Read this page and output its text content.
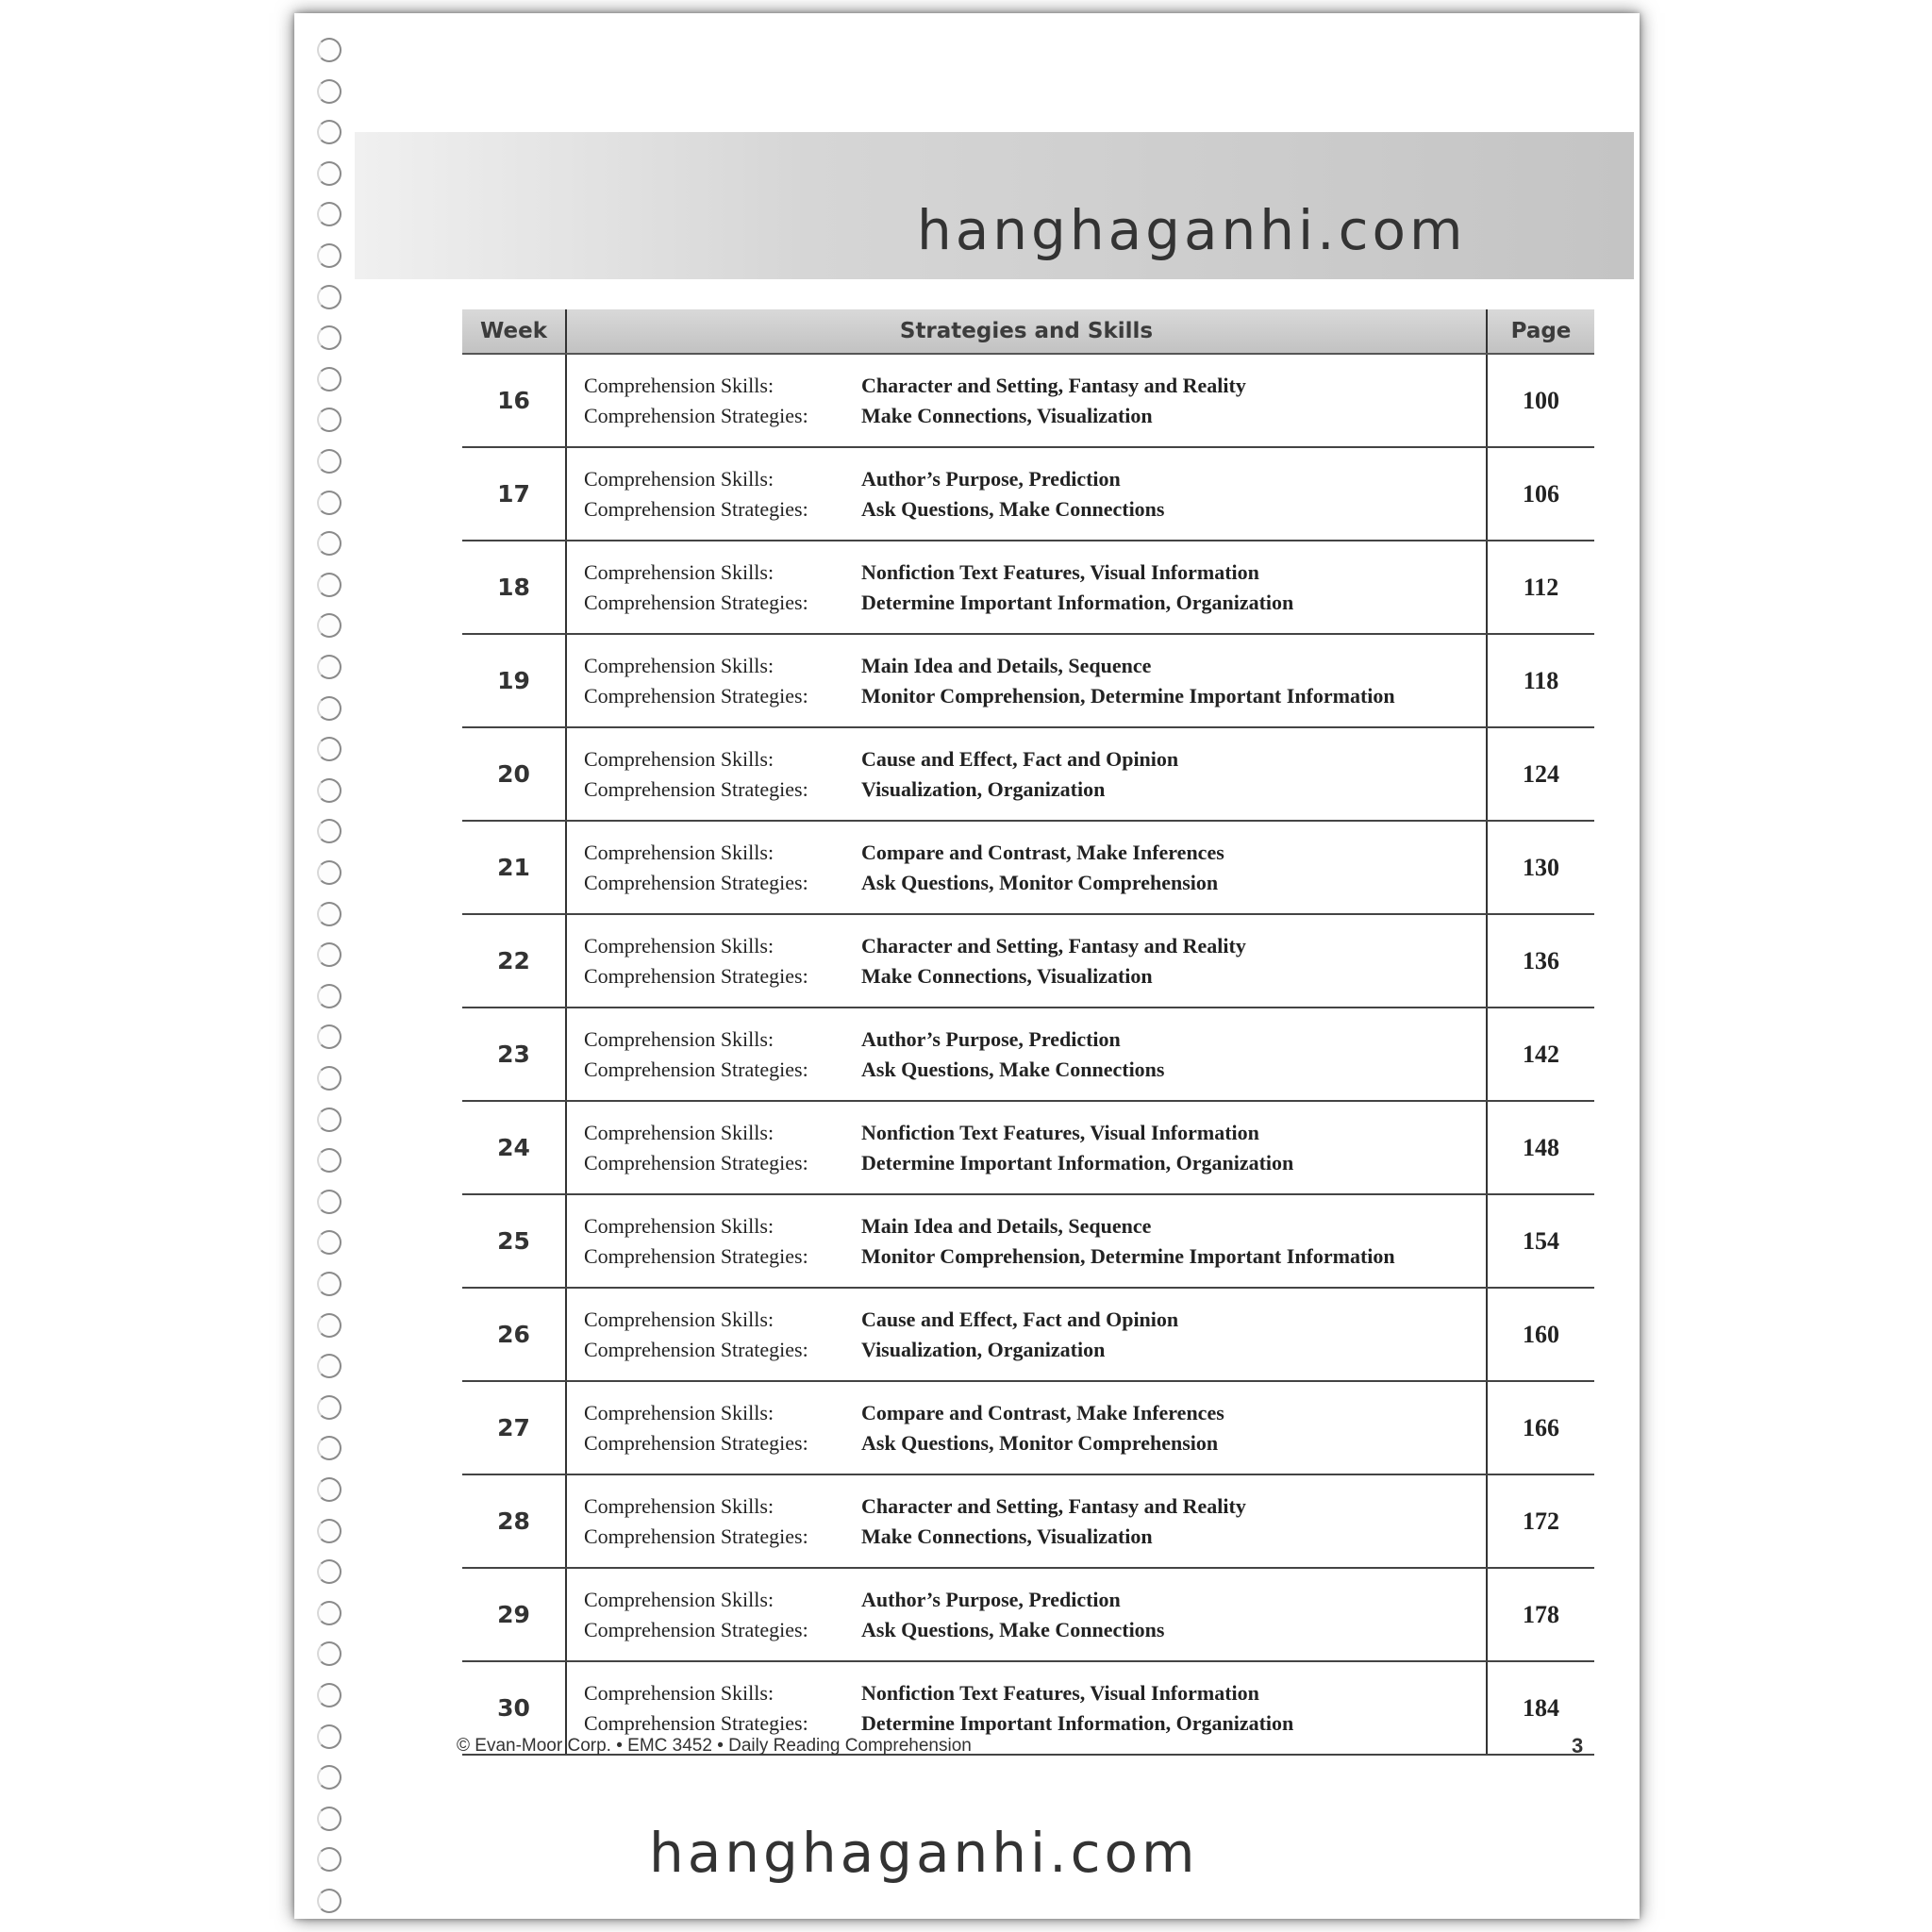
hanghaganhi.com
Week	Strategies and Skills	Page
16	Comprehension Skills: Character and Setting, Fantasy and Reality
Comprehension Strategies: Make Connections, Visualization	100
17	Comprehension Skills: Author’s Purpose, Prediction
Comprehension Strategies: Ask Questions, Make Connections	106
18	Comprehension Skills: Nonfiction Text Features, Visual Information
Comprehension Strategies: Determine Important Information, Organization	112
19	Comprehension Skills: Main Idea and Details, Sequence
Comprehension Strategies: Monitor Comprehension, Determine Important Information	118
20	Comprehension Skills: Cause and Effect, Fact and Opinion
Comprehension Strategies: Visualization, Organization	124
21	Comprehension Skills: Compare and Contrast, Make Inferences
Comprehension Strategies: Ask Questions, Monitor Comprehension	130
22	Comprehension Skills: Character and Setting, Fantasy and Reality
Comprehension Strategies: Make Connections, Visualization	136
23	Comprehension Skills: Author’s Purpose, Prediction
Comprehension Strategies: Ask Questions, Make Connections	142
24	Comprehension Skills: Nonfiction Text Features, Visual Information
Comprehension Strategies: Determine Important Information, Organization	148
25	Comprehension Skills: Main Idea and Details, Sequence
Comprehension Strategies: Monitor Comprehension, Determine Important Information	154
26	Comprehension Skills: Cause and Effect, Fact and Opinion
Comprehension Strategies: Visualization, Organization	160
27	Comprehension Skills: Compare and Contrast, Make Inferences
Comprehension Strategies: Ask Questions, Monitor Comprehension	166
28	Comprehension Skills: Character and Setting, Fantasy and Reality
Comprehension Strategies: Make Connections, Visualization	172
29	Comprehension Skills: Author’s Purpose, Prediction
Comprehension Strategies: Ask Questions, Make Connections	178
30	Comprehension Skills: Nonfiction Text Features, Visual Information
Comprehension Strategies: Determine Important Information, Organization	184
© Evan-Moor Corp. • EMC 3452 • Daily Reading Comprehension	3
hanghaganhi.com
